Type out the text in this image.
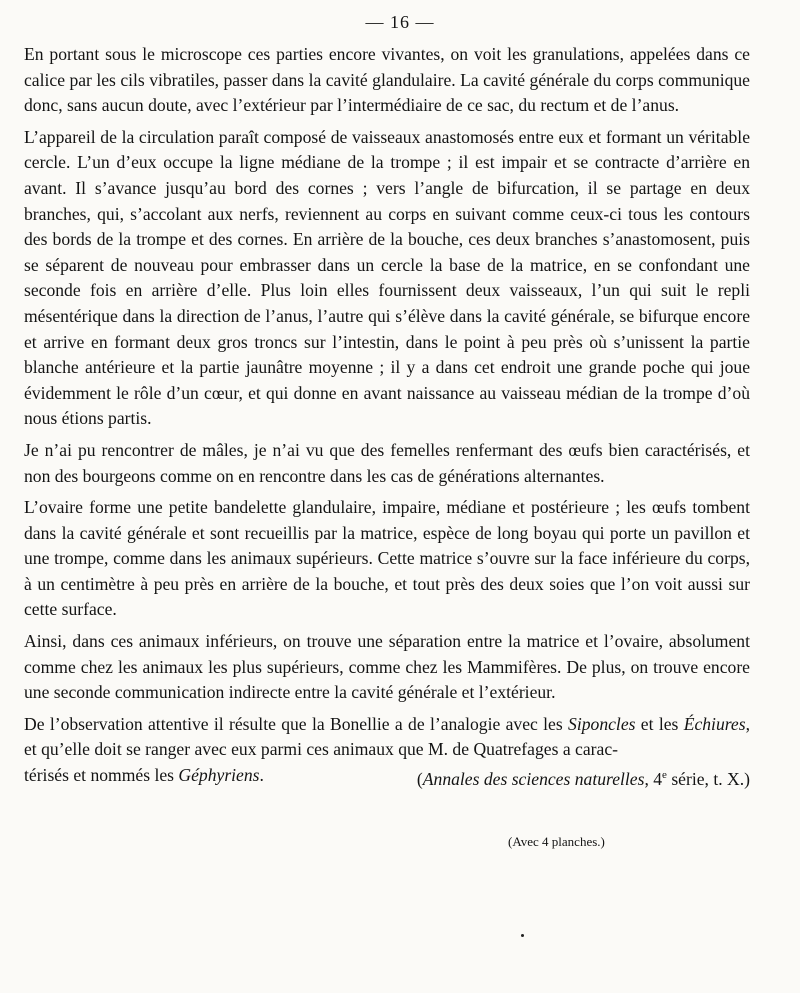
— 16 —

En portant sous le microscope ces parties encore vivantes, on voit les granulations, appelées dans ce calice par les cils vibratiles, passer dans la cavité glandulaire. La cavité générale du corps communique donc, sans aucun doute, avec l’extérieur par l’intermédiaire de ce sac, du rectum et de l’anus.

L’appareil de la circulation paraît composé de vaisseaux anastomosés entre eux et formant un véritable cercle. L’un d’eux occupe la ligne médiane de la trompe ; il est impair et se contracte d’arrière en avant. Il s’avance jusqu’au bord des cornes ; vers l’angle de bifurcation, il se partage en deux branches, qui, s’accolant aux nerfs, reviennent au corps en suivant comme ceux-ci tous les contours des bords de la trompe et des cornes. En arrière de la bouche, ces deux branches s’anastomosent, puis se séparent de nouveau pour embrasser dans un cercle la base de la matrice, en se confondant une seconde fois en arrière d’elle. Plus loin elles fournissent deux vaisseaux, l’un qui suit le repli mésentérique dans la direction de l’anus, l’autre qui s’élève dans la cavité générale, se bifurque encore et arrive en formant deux gros troncs sur l’intestin, dans le point à peu près où s’unissent la partie blanche antérieure et la partie jaunâtre moyenne ; il y a dans cet endroit une grande poche qui joue évidemment le rôle d’un cœur, et qui donne en avant naissance au vaisseau médian de la trompe d’où nous étions partis.

Je n’ai pu rencontrer de mâles, je n’ai vu que des femelles renfermant des œufs bien caractérisés, et non des bourgeons comme on en rencontre dans les cas de générations alternantes.

L’ovaire forme une petite bandelette glandulaire, impaire, médiane et postérieure ; les œufs tombent dans la cavité générale et sont recueillis par la matrice, espèce de long boyau qui porte un pavillon et une trompe, comme dans les animaux supérieurs. Cette matrice s’ouvre sur la face inférieure du corps, à un centimètre à peu près en arrière de la bouche, et tout près des deux soies que l’on voit aussi sur cette surface.

Ainsi, dans ces animaux inférieurs, on trouve une séparation entre la matrice et l’ovaire, absolument comme chez les animaux les plus supérieurs, comme chez les Mammifères. De plus, on trouve encore une seconde communication indirecte entre la cavité générale et l’extérieur.

De l’observation attentive il résulte que la Bonellie a de l’analogie avec les Siponcles et les Échiures, et qu’elle doit se ranger avec eux parmi ces animaux que M. de Quatrefages a carac-

térisés et nommés les Géphyriens.	(Annales des sciences naturelles, 4e série, t. X.)
(Avec 4 planches.)
